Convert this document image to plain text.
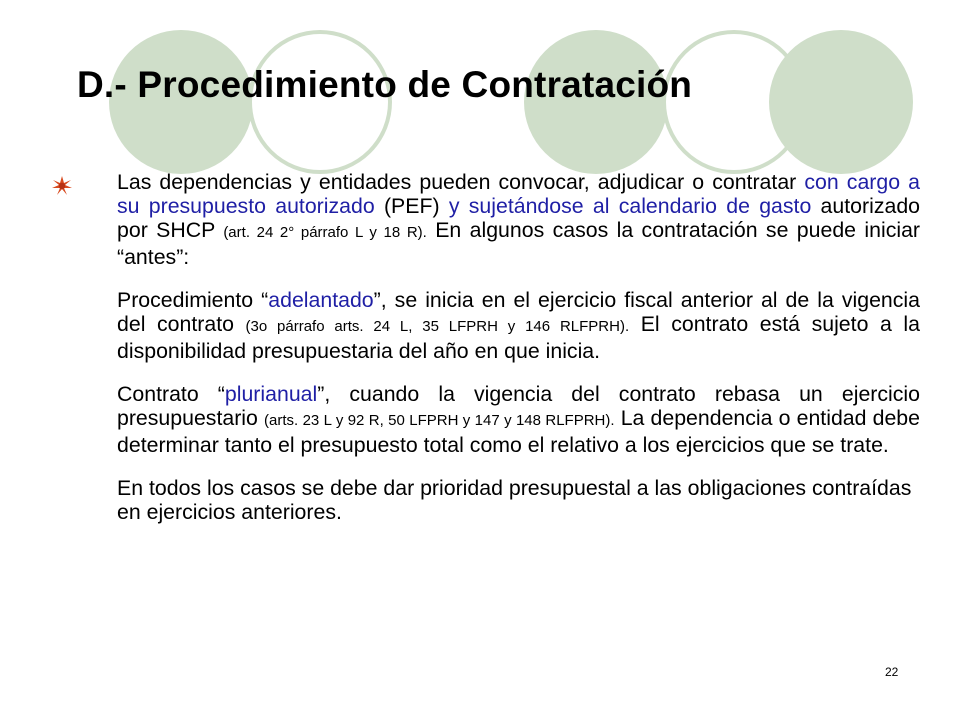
D.- Procedimiento de Contratación

Las dependencias y entidades pueden convocar, adjudicar o contratar con cargo a su presupuesto autorizado (PEF) y sujetándose al calendario de gasto autorizado por SHCP (art. 24 2° párrafo L y 18 R). En algunos casos la contratación se puede iniciar “antes”:

Procedimiento “adelantado”, se inicia en el ejercicio fiscal anterior al de la vigencia del contrato (3o párrafo arts. 24 L, 35 LFPRH y 146 RLFPRH). El contrato está sujeto a la disponibilidad presupuestaria del año en que inicia.

Contrato “plurianual”, cuando la vigencia del contrato rebasa un ejercicio presupuestario (arts. 23 L y 92 R, 50 LFPRH y 147 y 148 RLFPRH). La dependencia o entidad debe determinar tanto el presupuesto total como el relativo a los ejercicios que se trate.

En todos los casos se debe dar prioridad presupuestal a las obligaciones contraídas en ejercicios anteriores.

22
